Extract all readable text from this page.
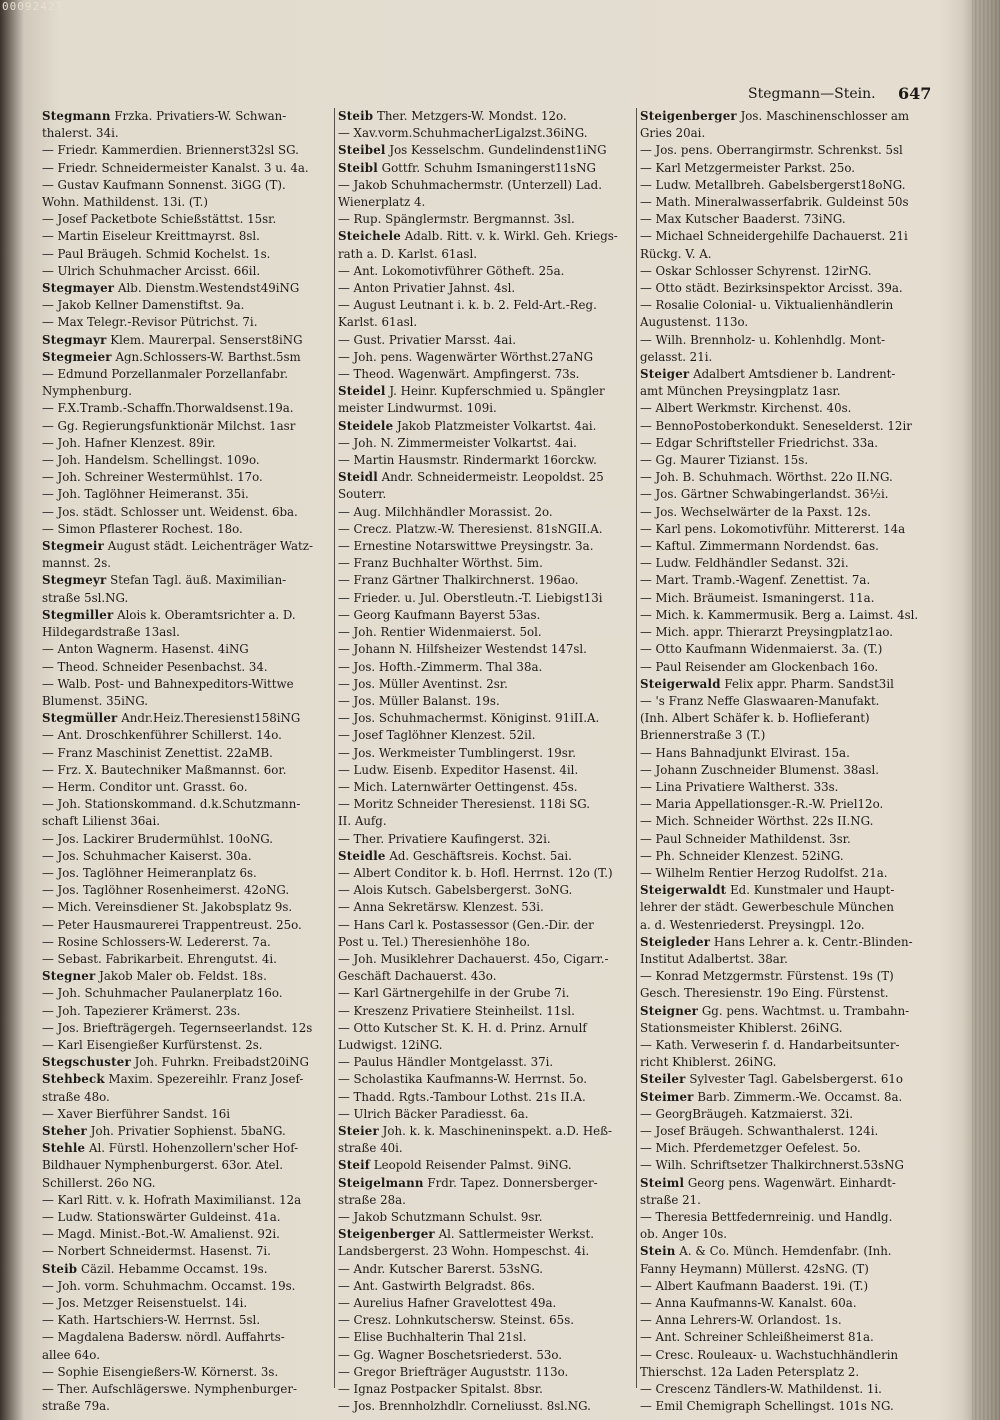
00092427
Stegmann—Stein. 647
Stegmann Frzka. Privatiers-W. Schwan-
thalerst. 34i.
— Friedr. Kammerdien. Briennerst32sl SG.
— Friedr. Schneidermeister Kanalst. 3 u. 4a.
— Gustav Kaufmann Sonnenst. 3iGG (T).
Wohn. Mathildenst. 13i. (T.)
— Josef Packetbote Schießstättst. 15sr.
— Martin Eiseleur Kreittmayrst. 8sl.
— Paul Bräugeh. Schmid Kochelst. 1s.
— Ulrich Schuhmacher Arcisst. 66il.
Stegmayer Alb. Dienstm.Westendst49iNG
— Jakob Kellner Damenstiftst. 9a.
— Max Telegr.-Revisor Pütrichst. 7i.
Stegmayr Klem. Maurerpal. Senserst8iNG
Stegmeier Agn.Schlossers-W. Barthst.5sm
— Edmund Porzellanmaler Porzellanfabr.
Nymphenburg.
— F.X.Tramb.-Schaffn.Thorwaldsenst.19a.
— Gg. Regierungsfunktionär Milchst. 1asr
— Joh. Hafner Klenzest. 89ir.
— Joh. Handelsm. Schellingst. 109o.
— Joh. Schreiner Westermühlst. 17o.
— Joh. Taglöhner Heimeranst. 35i.
— Jos. städt. Schlosser unt. Weidenst. 6ba.
— Simon Pflasterer Rochest. 18o.
Stegmeir August städt. Leichenträger Watz-
mannst. 2s.
Stegmeyr Stefan Tagl. äuß. Maximilian-
straße 5sl.NG.
Stegmiller Alois k. Oberamtsrichter a. D.
Hildegardstraße 13asl.
— Anton Wagnerm. Hasenst. 4iNG
— Theod. Schneider Pesenbachst. 34.
— Walb. Post- und Bahnexpeditors-Wittwe
Blumenst. 35iNG.
Stegmüller Andr.Heiz.Theresienst158iNG
— Ant. Droschkenführer Schillerst. 14o.
— Franz Maschinist Zenettist. 22aMB.
— Frz. X. Bautechniker Maßmannst. 6or.
— Herm. Conditor unt. Grasst. 6o.
— Joh. Stationskommand. d.k.Schutzmann-
schaft Lilienst 36ai.
— Jos. Lackirer Brudermühlst. 10oNG.
— Jos. Schuhmacher Kaiserst. 30a.
— Jos. Taglöhner Heimeranplatz 6s.
— Jos. Taglöhner Rosenheimerst. 42oNG.
— Mich. Vereinsdiener St. Jakobsplatz 9s.
— Peter Hausmaurerei Trappentreust. 25o.
— Rosine Schlossers-W. Ledererst. 7a.
— Sebast. Fabrikarbeit. Ehrengutst. 4i.
Stegner Jakob Maler ob. Feldst. 18s.
— Joh. Schuhmacher Paulanerplatz 16o.
— Joh. Tapezierer Krämerst. 23s.
— Jos. Briefträgergeh. Tegernseerlandst. 12s
— Karl Eisengießer Kurfürstenst. 2s.
Stegschuster Joh. Fuhrkn. Freibadst20iNG
Stehbeck Maxim. Spezereihlr. Franz Josef-
straße 48o.
— Xaver Bierführer Sandst. 16i
Steher Joh. Privatier Sophienst. 5baNG.
Stehle Al. Fürstl. Hohenzollern'scher Hof-
Bildhauer Nymphenburgerst. 63or. Atel.
Schillerst. 26o NG.
— Karl Ritt. v. k. Hofrath Maximilianst. 12a
— Ludw. Stationswärter Guldeinst. 41a.
— Magd. Minist.-Bot.-W. Amalienst. 92i.
— Norbert Schneidermst. Hasenst. 7i.
Steib Cäzil. Hebamme Occamst. 19s.
— Joh. vorm. Schuhmachm. Occamst. 19s.
— Jos. Metzger Reisenstuelst. 14i.
— Kath. Hartschiers-W. Herrnst. 5sl.
— Magdalena Badersw. nördl. Auffahrts-
allee 64o.
— Sophie Eisengießers-W. Körnerst. 3s.
— Ther. Aufschlägerswe. Nymphenburger-
straße 79a.
Steib Ther. Metzgers-W. Mondst. 12o.
— Xav.vorm.SchuhmacherLigalzst.36iNG.
Steibel Jos Kesselschm. Gundelindenst1iNG
Steibl Gottfr. Schuhm Ismaningerst11sNG
— Jakob Schuhmachermstr. (Unterzell) Lad.
Wienerplatz 4.
— Rup. Spänglermstr. Bergmannst. 3sl.
Steichele Adalb. Ritt. v. k. Wirkl. Geh. Kriegs-
rath a. D. Karlst. 61asl.
— Ant. Lokomotivführer Götheft. 25a.
— Anton Privatier Jahnst. 4sl.
— August Leutnant i. k. b. 2. Feld-Art.-Reg.
Karlst. 61asl.
— Gust. Privatier Marsst. 4ai.
— Joh. pens. Wagenwärter Wörthst.27aNG
— Theod. Wagenwärt. Ampfingerst. 73s.
Steidel J. Heinr. Kupferschmied u. Spängler
meister Lindwurmst. 109i.
Steidele Jakob Platzmeister Volkartst. 4ai.
— Joh. N. Zimmermeister Volkartst. 4ai.
— Martin Hausmstr. Rindermarkt 16orckw.
Steidl Andr. Schneidermeistr. Leopoldst. 25
Souterr.
— Aug. Milchhändler Morassist. 2o.
— Crecz. Platzw.-W. Theresienst. 81sNGII.A.
— Ernestine Notarswittwe Preysingstr. 3a.
— Franz Buchhalter Wörthst. 5im.
— Franz Gärtner Thalkirchnerst. 196ao.
— Frieder. u. Jul. Oberstleutn.-T. Liebigst13i
— Georg Kaufmann Bayerst 53as.
— Joh. Rentier Widenmaierst. 5ol.
— Johann N. Hilfsheizer Westendst 147sl.
— Jos. Hofth.-Zimmerm. Thal 38a.
— Jos. Müller Aventinst. 2sr.
— Jos. Müller Balanst. 19s.
— Jos. Schuhmachermst. Königinst. 91iII.A.
— Josef Taglöhner Klenzest. 52il.
— Jos. Werkmeister Tumblingerst. 19sr.
— Ludw. Eisenb. Expeditor Hasenst. 4il.
— Mich. Laternwärter Oettingenst. 45s.
— Moritz Schneider Theresienst. 118i SG.
II. Aufg.
— Ther. Privatiere Kaufingerst. 32i.
Steidle Ad. Geschäftsreis. Kochst. 5ai.
— Albert Conditor k. b. Hofl. Herrnst. 12o (T.)
— Alois Kutsch. Gabelsbergerst. 3oNG.
— Anna Sekretärsw. Klenzest. 53i.
— Hans Carl k. Postassessor (Gen.-Dir. der
Post u. Tel.) Theresienhöhe 18o.
— Joh. Musiklehrer Dachauerst. 45o, Cigarr.-
Geschäft Dachauerst. 43o.
— Karl Gärtnergehilfe in der Grube 7i.
— Kreszenz Privatiere Steinheilst. 11sl.
— Otto Kutscher St. K. H. d. Prinz. Arnulf
Ludwigst. 12iNG.
— Paulus Händler Montgelasst. 37i.
— Scholastika Kaufmanns-W. Herrnst. 5o.
— Thadd. Rgts.-Tambour Lothst. 21s II.A.
— Ulrich Bäcker Paradiesst. 6a.
Steier Joh. k. k. Maschineninspekt. a.D. Heß-
straße 40i.
Steif Leopold Reisender Palmst. 9iNG.
Steigelmann Frdr. Tapez. Donnersberger-
straße 28a.
— Jakob Schutzmann Schulst. 9sr.
Steigenberger Al. Sattlermeister Werkst.
Landsbergerst. 23 Wohn. Hompeschst. 4i.
— Andr. Kutscher Barerst. 53sNG.
— Ant. Gastwirth Belgradst. 86s.
— Aurelius Hafner Gravelottest 49a.
— Cresz. Lohnkutschersw. Steinst. 65s.
— Elise Buchhalterin Thal 21sl.
— Gg. Wagner Boschetsriederst. 53o.
— Gregor Briefträger Auguststr. 113o.
— Ignaz Postpacker Spitalst. 8bsr.
— Jos. Brennholzhdlr. Corneliusst. 8sl.NG.
Steigenberger Jos. Maschinenschlosser am
Gries 20ai.
— Jos. pens. Oberrangirmstr. Schrenkst. 5sl
— Karl Metzgermeister Parkst. 25o.
— Ludw. Metallbreh. Gabelsbergerst18oNG.
— Math. Mineralwasserfabrik. Guldeinst 50s
— Max Kutscher Baaderst. 73iNG.
— Michael Schneidergehilfe Dachauerst. 21i
Rückg. V. A.
— Oskar Schlosser Schyrenst. 12irNG.
— Otto städt. Bezirksinspektor Arcisst. 39a.
— Rosalie Colonial- u. Viktualienhändlerin
Augustenst. 113o.
— Wilh. Brennholz- u. Kohlenhdlg. Mont-
gelasst. 21i.
Steiger Adalbert Amtsdiener b. Landrent-
amt München Preysingplatz 1asr.
— Albert Werkmstr. Kirchenst. 40s.
— BennoPostoberkondukt. Seneselderst. 12ir
— Edgar Schriftsteller Friedrichst. 33a.
— Gg. Maurer Tizianst. 15s.
— Joh. B. Schuhmach. Wörthst. 22o II.NG.
— Jos. Gärtner Schwabingerlandst. 36½i.
— Jos. Wechselwärter de la Paxst. 12s.
— Karl pens. Lokomotivführ. Mittererst. 14a
— Kaftul. Zimmermann Nordendst. 6as.
— Ludw. Feldhändler Sedanst. 32i.
— Mart. Tramb.-Wagenf. Zenettist. 7a.
— Mich. Bräumeist. Ismaningerst. 11a.
— Mich. k. Kammermusik. Berg a. Laimst. 4sl.
— Mich. appr. Thierarzt Preysingplatz1ao.
— Otto Kaufmann Widenmaierst. 3a. (T.)
— Paul Reisender am Glockenbach 16o.
Steigerwald Felix appr. Pharm. Sandst3il
— 's Franz Neffe Glaswaaren-Manufakt.
(Inh. Albert Schäfer k. b. Hoflieferant)
Briennerstraße 3 (T.)
— Hans Bahnadjunkt Elvirast. 15a.
— Johann Zuschneider Blumenst. 38asl.
— Lina Privatiere Waltherst. 33s.
— Maria Appellationsger.-R.-W. Priel12o.
— Mich. Schneider Wörthst. 22s II.NG.
— Paul Schneider Mathildenst. 3sr.
— Ph. Schneider Klenzest. 52iNG.
— Wilhelm Rentier Herzog Rudolfst. 21a.
Steigerwaldt Ed. Kunstmaler und Haupt-
lehrer der städt. Gewerbeschule München
a. d. Westenriederst. Preysingpl. 12o.
Steigleder Hans Lehrer a. k. Centr.-Blinden-
Institut Adalbertst. 38ar.
— Konrad Metzgermstr. Fürstenst. 19s (T)
Gesch. Theresienstr. 19o Eing. Fürstenst.
Steigner Gg. pens. Wachtmst. u. Trambahn-
Stationsmeister Khiblerst. 26iNG.
— Kath. Verweserin f. d. Handarbeitsunter-
richt Khiblerst. 26iNG.
Steiler Sylvester Tagl. Gabelsbergerst. 61o
Steimer Barb. Zimmerm.-We. Occamst. 8a.
— GeorgBräugeh. Katzmaierst. 32i.
— Josef Bräugeh. Schwanthalerst. 124i.
— Mich. Pferdemetzger Oefelest. 5o.
— Wilh. Schriftsetzer Thalkirchnerst.53sNG
Steiml Georg pens. Wagenwärt. Einhardt-
straße 21.
— Theresia Bettfedernreinig. und Handlg.
ob. Anger 10s.
Stein A. & Co. Münch. Hemdenfabr. (Inh.
Fanny Heymann) Müllerst. 42sNG. (T)
— Albert Kaufmann Baaderst. 19i. (T.)
— Anna Kaufmanns-W. Kanalst. 60a.
— Anna Lehrers-W. Orlandost. 1s.
— Ant. Schreiner Schleißheimerst 81a.
— Cresc. Rouleaux- u. Wachstuchhändlerin
Thierschst. 12a Laden Petersplatz 2.
— Crescenz Tändlers-W. Mathildenst. 1i.
— Emil Chemigraph Schellingst. 101s NG.
